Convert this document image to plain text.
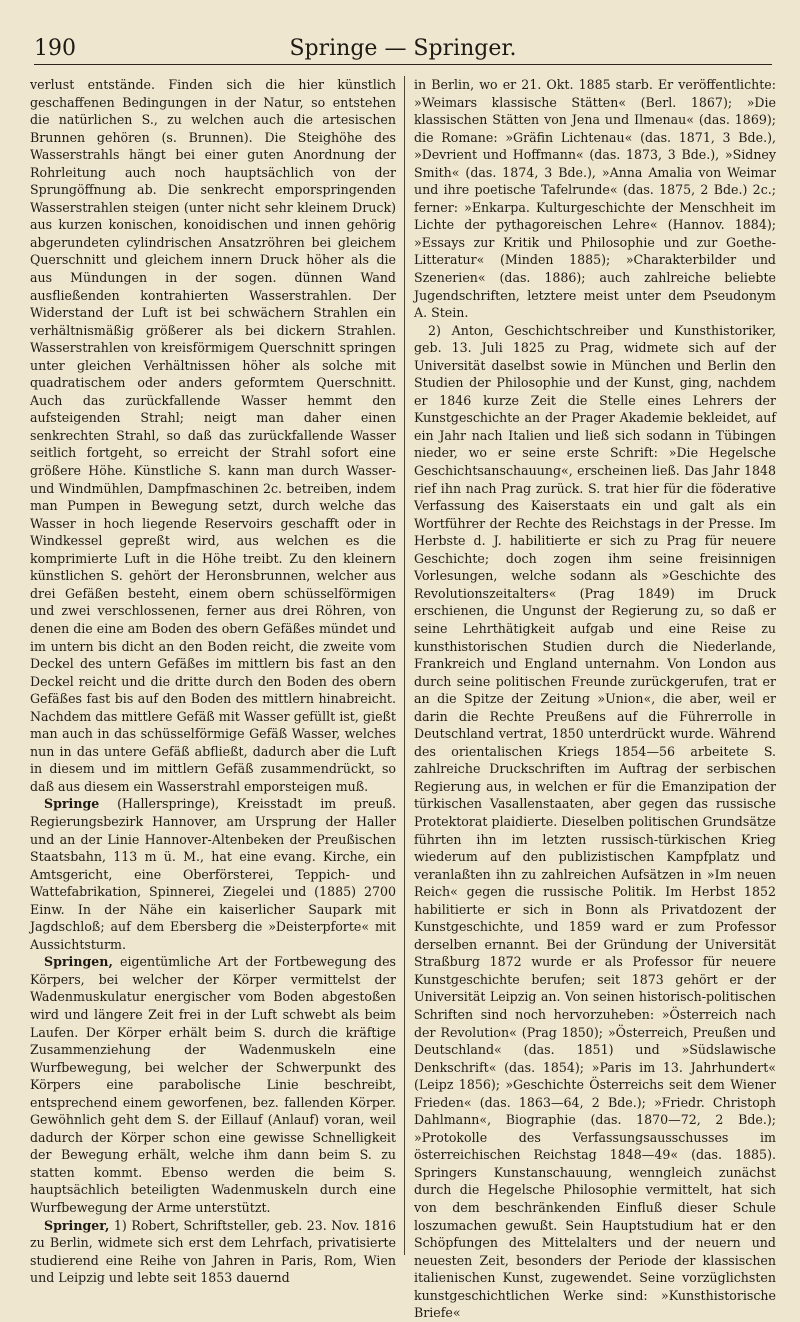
190	Springe — Springer.

verlust entstände. Finden sich die hier künstlich geschaffenen Bedingungen in der Natur, so entstehen die natürlichen S., zu welchen auch die artesischen Brunnen gehören (s. Brunnen). Die Steighöhe des Wasserstrahls hängt bei einer guten Anordnung der Rohrleitung auch noch hauptsächlich von der Sprungöffnung ab. Die senkrecht emporspringenden Wasserstrahlen steigen (unter nicht sehr kleinem Druck) aus kurzen konischen, konoidischen und innen gehörig abgerundeten cylindrischen Ansatzröhren bei gleichem Querschnitt und gleichem innern Druck höher als die aus Mündungen in der sogen. dünnen Wand ausfließenden kontrahierten Wasserstrahlen. Der Widerstand der Luft ist bei schwächern Strahlen ein verhältnismäßig größerer als bei dickern Strahlen. Wasserstrahlen von kreisförmigem Querschnitt springen unter gleichen Verhältnissen höher als solche mit quadratischem oder anders geformtem Querschnitt. Auch das zurückfallende Wasser hemmt den aufsteigenden Strahl; neigt man daher einen senkrechten Strahl, so daß das zurückfallende Wasser seitlich fortgeht, so erreicht der Strahl sofort eine größere Höhe. Künstliche S. kann man durch Wasser- und Windmühlen, Dampfmaschinen 2c. betreiben, indem man Pumpen in Bewegung setzt, durch welche das Wasser in hoch liegende Reservoirs geschafft oder in Windkessel gepreßt wird, aus welchen es die komprimierte Luft in die Höhe treibt. Zu den kleinern künstlichen S. gehört der Heronsbrunnen, welcher aus drei Gefäßen besteht, einem obern schüsselförmigen und zwei verschlossenen, ferner aus drei Röhren, von denen die eine am Boden des obern Gefäßes mündet und im untern bis dicht an den Boden reicht, die zweite vom Deckel des untern Gefäßes im mittlern bis fast an den Deckel reicht und die dritte durch den Boden des obern Gefäßes fast bis auf den Boden des mittlern hinabreicht. Nachdem das mittlere Gefäß mit Wasser gefüllt ist, gießt man auch in das schüsselförmige Gefäß Wasser, welches nun in das untere Gefäß abfließt, dadurch aber die Luft in diesem und im mittlern Gefäß zusammendrückt, so daß aus diesem ein Wasserstrahl emporsteigen muß.

Springe (Hallerspringe), Kreisstadt im preuß. Regierungsbezirk Hannover, am Ursprung der Haller und an der Linie Hannover-Altenbeken der Preußischen Staatsbahn, 113 m ü. M., hat eine evang. Kirche, ein Amtsgericht, eine Oberförsterei, Teppich- und Wattefabrikation, Spinnerei, Ziegelei und (1885) 2700 Einw. In der Nähe ein kaiserlicher Saupark mit Jagdschloß; auf dem Ebersberg die »Deisterpforte« mit Aussichtsturm.

Springen, eigentümliche Art der Fortbewegung des Körpers, bei welcher der Körper vermittelst der Wadenmuskulatur energischer vom Boden abgestoßen wird und längere Zeit frei in der Luft schwebt als beim Laufen. Der Körper erhält beim S. durch die kräftige Zusammenziehung der Wadenmuskeln eine Wurfbewegung, bei welcher der Schwerpunkt des Körpers eine parabolische Linie beschreibt, entsprechend einem geworfenen, bez. fallenden Körper. Gewöhnlich geht dem S. der Eillauf (Anlauf) voran, weil dadurch der Körper schon eine gewisse Schnelligkeit der Bewegung erhält, welche ihm dann beim S. zu statten kommt. Ebenso werden die beim S. hauptsächlich beteiligten Wadenmuskeln durch eine Wurfbewegung der Arme unterstützt.

Springer, 1) Robert, Schriftsteller, geb. 23. Nov. 1816 zu Berlin, widmete sich erst dem Lehrfach, privatisierte studierend eine Reihe von Jahren in Paris, Rom, Wien und Leipzig und lebte seit 1853 dauernd

in Berlin, wo er 21. Okt. 1885 starb. Er veröffentlichte: »Weimars klassische Stätten« (Berl. 1867); »Die klassischen Stätten von Jena und Ilmenau« (das. 1869); die Romane: »Gräfin Lichtenau« (das. 1871, 3 Bde.), »Devrient und Hoffmann« (das. 1873, 3 Bde.), »Sidney Smith« (das. 1874, 3 Bde.), »Anna Amalia von Weimar und ihre poetische Tafelrunde« (das. 1875, 2 Bde.) 2c.; ferner: »Enkarpa. Kulturgeschichte der Menschheit im Lichte der pythagoreischen Lehre« (Hannov. 1884); »Essays zur Kritik und Philosophie und zur Goethe-Litteratur« (Minden 1885); »Charakterbilder und Szenerien« (das. 1886); auch zahlreiche beliebte Jugendschriften, letztere meist unter dem Pseudonym A. Stein.

2) Anton, Geschichtschreiber und Kunsthistoriker, geb. 13. Juli 1825 zu Prag, widmete sich auf der Universität daselbst sowie in München und Berlin den Studien der Philosophie und der Kunst, ging, nachdem er 1846 kurze Zeit die Stelle eines Lehrers der Kunstgeschichte an der Prager Akademie bekleidet, auf ein Jahr nach Italien und ließ sich sodann in Tübingen nieder, wo er seine erste Schrift: »Die Hegelsche Geschichtsanschauung«, erscheinen ließ. Das Jahr 1848 rief ihn nach Prag zurück. S. trat hier für die föderative Verfassung des Kaiserstaats ein und galt als ein Wortführer der Rechte des Reichstags in der Presse. Im Herbste d. J. habilitierte er sich zu Prag für neuere Geschichte; doch zogen ihm seine freisinnigen Vorlesungen, welche sodann als »Geschichte des Revolutionszeitalters« (Prag 1849) im Druck erschienen, die Ungunst der Regierung zu, so daß er seine Lehrthätigkeit aufgab und eine Reise zu kunsthistorischen Studien durch die Niederlande, Frankreich und England unternahm. Von London aus durch seine politischen Freunde zurückgerufen, trat er an die Spitze der Zeitung »Union«, die aber, weil er darin die Rechte Preußens auf die Führerrolle in Deutschland vertrat, 1850 unterdrückt wurde. Während des orientalischen Kriegs 1854—56 arbeitete S. zahlreiche Druckschriften im Auftrag der serbischen Regierung aus, in welchen er für die Emanzipation der türkischen Vasallenstaaten, aber gegen das russische Protektorat plaidierte. Dieselben politischen Grundsätze führten ihn im letzten russisch-türkischen Krieg wiederum auf den publizistischen Kampfplatz und veranlaßten ihn zu zahlreichen Aufsätzen in »Im neuen Reich« gegen die russische Politik. Im Herbst 1852 habilitierte er sich in Bonn als Privatdozent der Kunstgeschichte, und 1859 ward er zum Professor derselben ernannt. Bei der Gründung der Universität Straßburg 1872 wurde er als Professor für neuere Kunstgeschichte berufen; seit 1873 gehört er der Universität Leipzig an. Von seinen historisch-politischen Schriften sind noch hervorzuheben: »Österreich nach der Revolution« (Prag 1850); »Österreich, Preußen und Deutschland« (das. 1851) und »Südslawische Denkschrift« (das. 1854); »Paris im 13. Jahrhundert« (Leipz 1856); »Geschichte Österreichs seit dem Wiener Frieden« (das. 1863—64, 2 Bde.); »Friedr. Christoph Dahlmann«, Biographie (das. 1870—72, 2 Bde.); »Protokolle des Verfassungsausschusses im österreichischen Reichstag 1848—49« (das. 1885). Springers Kunstanschauung, wenngleich zunächst durch die Hegelsche Philosophie vermittelt, hat sich von dem beschränkenden Einfluß dieser Schule loszumachen gewußt. Sein Hauptstudium hat er den Schöpfungen des Mittelalters und der neuern und neuesten Zeit, besonders der Periode der klassischen italienischen Kunst, zugewendet. Seine vorzüglichsten kunstgeschichtlichen Werke sind: »Kunsthistorische Briefe«
